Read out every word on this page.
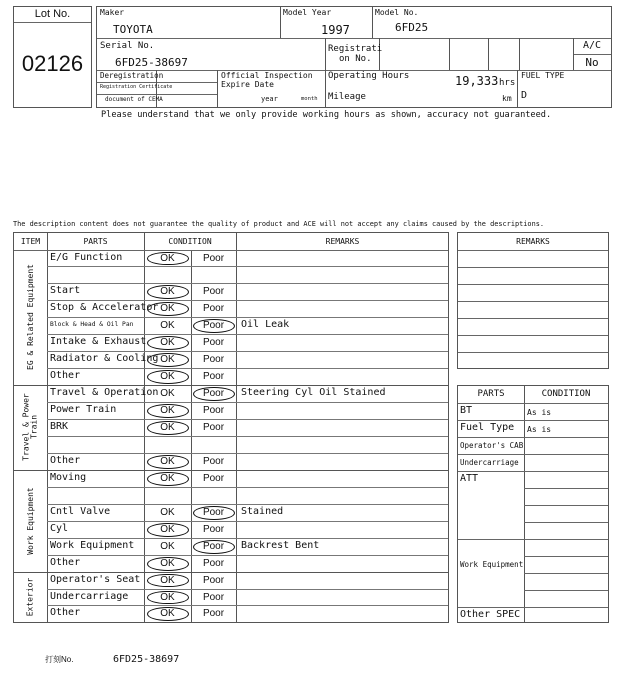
Lot No.
02126
Maker
TOYOTA
Model Year
1997
Model No.
6FD25
Serial No.
6FD25-38697
Registrati
on No.
A/C
No
Deregistration
Registration Certificate
document of CEMA
Official Inspection
Expire Date
year	month
Operating Hours	19,333 hrs
Mileage	km
FUEL TYPE
D
Please understand that we only provide working hours as shown, accuracy not guaranteed.
The description content does not guarantee the quality of product and ACE will not accept any claims caused by the descriptions.
ITEM	PARTS	CONDITION	REMARKS
EG & Related Equipment
E/G Function	OK	Poor
Start	OK	Poor
Stop & Accelerator OK	Poor
Block & Head & Oil Pan	OK	Poor	Oil Leak
Intake & Exhaust	OK	Poor
Radiator & Cooling OK	Poor
Other	OK	Poor
Travel & Power Train
Travel & Operation OK	Poor	Steering Cyl Oil Stained
Power Train	OK	Poor
BRK	OK	Poor
Other	OK	Poor
Work Equipment
Moving	OK	Poor
Cntl Valve	OK	Poor	Stained
Cyl	OK	Poor
Work Equipment	OK	Poor	Backrest Bent
Other	OK	Poor
Exterior Operator's Seat	OK	Poor
Undercarriage	OK	Poor
Other	OK	Poor
REMARKS
PARTS	CONDITION
BT	As is
Fuel Type As is
Operator's CAB
Undercarriage
ATT
Work Equipment
Other SPEC
打刻No.	6FD25-38697
